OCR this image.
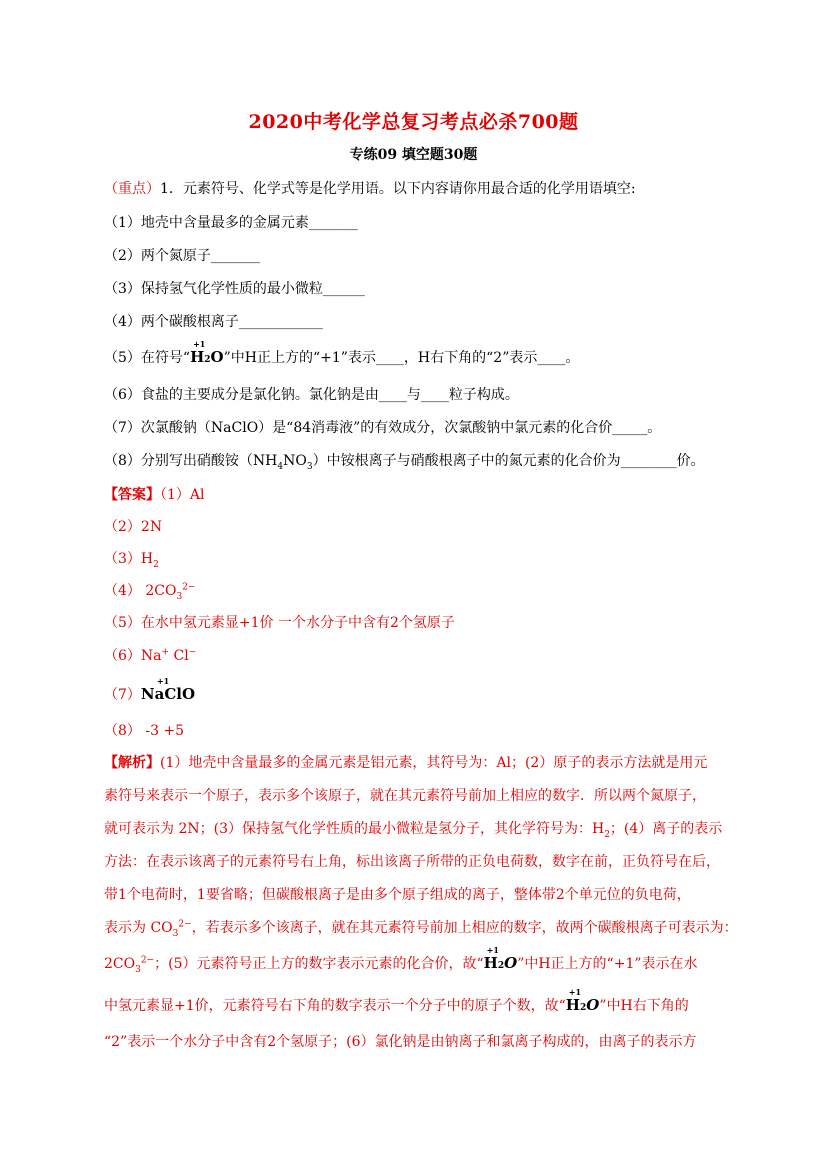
2020中考化学总复习考点必杀700题
专练09 填空题30题
（重点）1．元素符号、化学式等是化学用语。以下内容请你用最合适的化学用语填空:
（1）地壳中含量最多的金属元素_______
（2）两个氮原子_______
（3）保持氢气化学性质的最小微粒______
（4）两个碳酸根离子____________
（5）在符号“
+1
H2O”中H正上方的“+1”表示____，H右下角的“2”表示____。
（6）食盐的主要成分是氯化钠。氯化钠是由____与____粒子构成。
（7）次氯酸钠（NaClO）是“84消毒液”的有效成分，次氯酸钠中氯元素的化合价_____。
（8）分别写出硝酸铵$(NH_4NO_3)$中铵根离子与硝酸根离子中的氮元素的化合价为________价。
【答案】（1）Al
（2）2N
$(3)H_2$
（4） $2CO_3^{2-}$
（5）在水中氢元素显+1价 一个水分子中含有2个氢原子
（6）Na+ Cl−
（7）
+1
NaClO
（8） -3 +5
【解析】(1）地壳中含量最多的金属元素是铝元素，其符号为：Al；(2）原子的表示方法就是用元
素符号来表示一个原子，表示多个该原子，就在其元素符号前加上相应的数字．所以两个氮原子，
就可表示为 2N；(3）保持氢气化学性质的最小微粒是氢分子，其化学符号为：$H_2$；(4）离子的表示
方法：在表示该离子的元素符号右上角，标出该离子所带的正负电荷数，数字在前，正负符号在后，
带1个电荷时，1要省略；但碳酸根离子是由多个原子组成的离子，整体带2个单元位的负电荷，
表示为 $CO_3^{2-}$，若表示多个该离子，就在其元素符号前加上相应的数字，故两个碳酸根离子可表示为：
$2CO_3^{2-}$；(5）元素符号正上方的数字表示元素的化合价，故“
+1
H2O”中H正上方的“+1”表示在水
中氢元素显+1价，元素符号右下角的数字表示一个分子中的原子个数，故“
+1
H2O”中H右下角的
“2”表示一个水分子中含有2个氢原子；(6）氯化钠是由钠离子和氯离子构成的，由离子的表示方
